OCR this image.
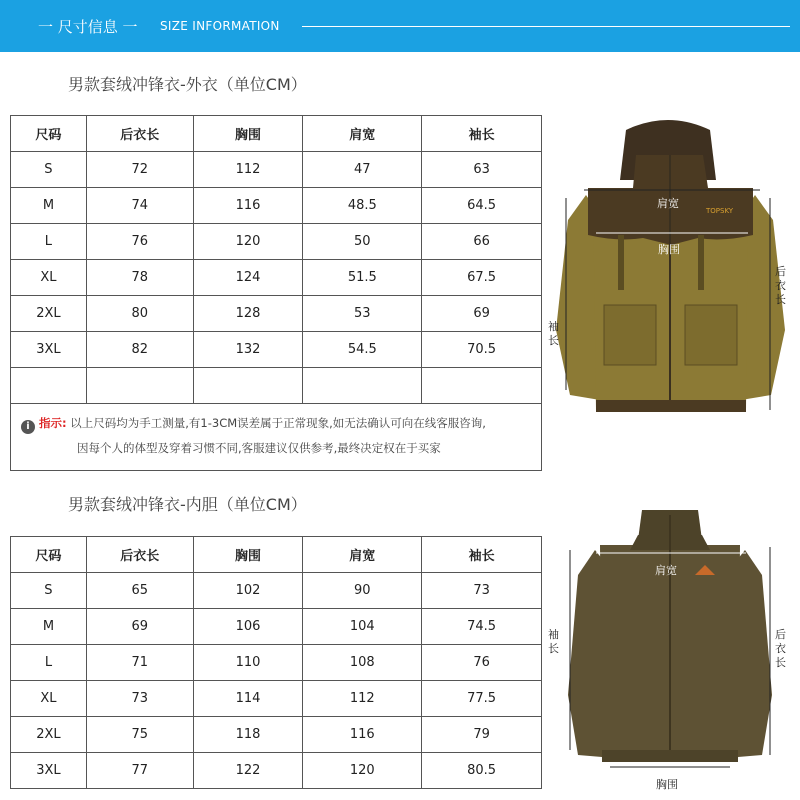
一 尺寸信息 一 SIZE INFORMATION
男款套绒冲锋衣-外衣（单位CM）
尺码	后衣长	胸围	肩宽	袖长
S	72	112	47	63
M	74	116	48.5	64.5
L	76	120	50	66
XL	78	124	51.5	67.5
2XL	80	128	53	69
3XL	82	132	54.5	70.5

i 指示: 以上尺码均为手工测量,有1-3CM误差属于正常现象,如无法确认可向在线客服咨询,
因每个人的体型及穿着习惯不同,客服建议仅供参考,最终决定权在于买家
TOPSKY
肩宽
胸围
袖长
后衣长
男款套绒冲锋衣-内胆（单位CM）
尺码	后衣长	胸围	肩宽	袖长
S	65	102	90	73
M	69	106	104	74.5
L	71	110	108	76
XL	73	114	112	77.5
2XL	75	118	116	79
3XL	77	122	120	80.5
肩宽
胸围
袖长
后衣长
